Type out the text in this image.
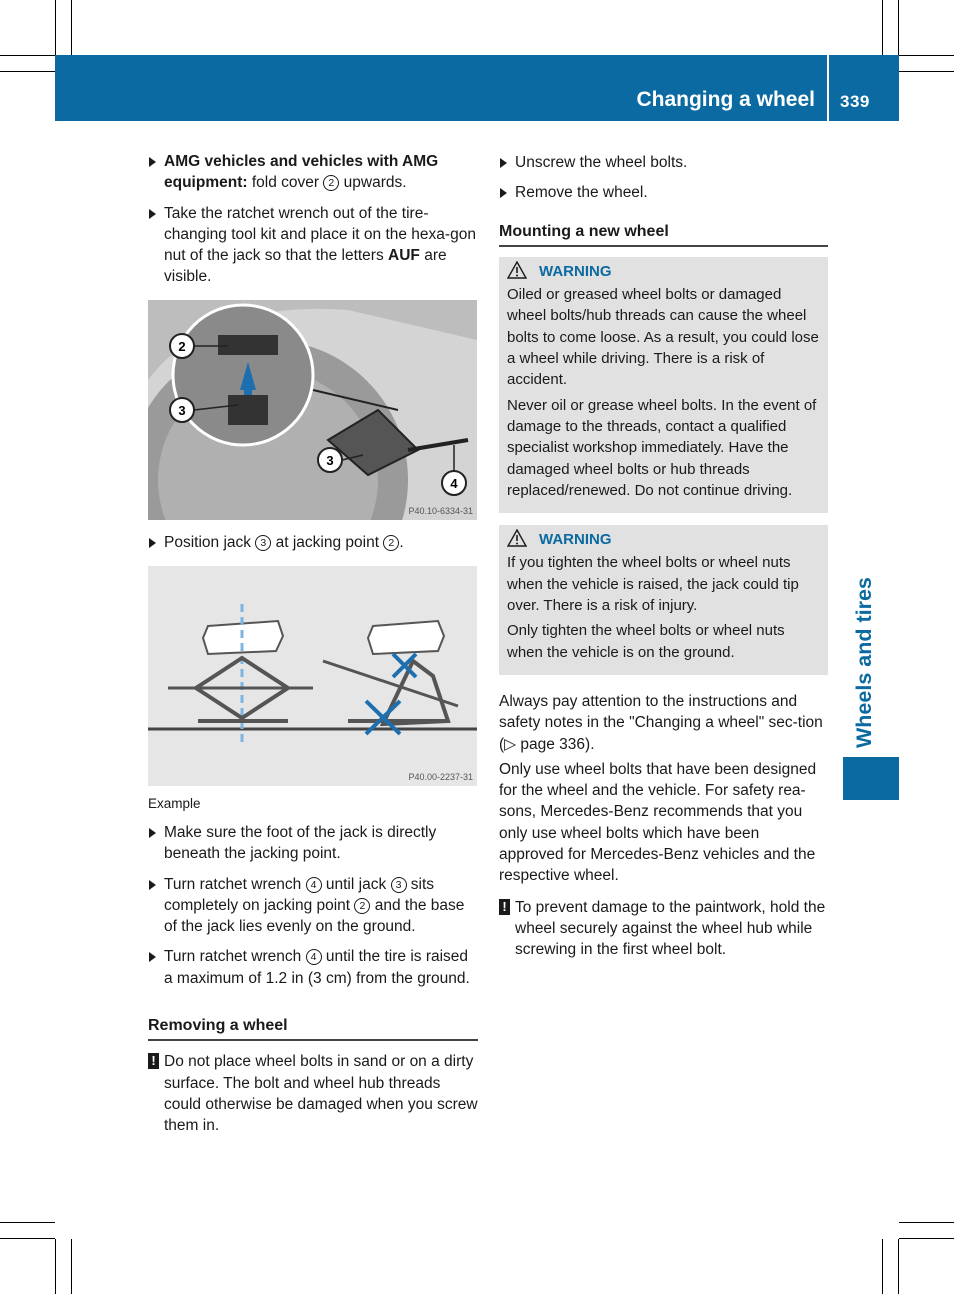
Changing a wheel 339
Wheels and tires
AMG vehicles and vehicles with AMG equipment: fold cover 2 upwards.
Take the ratchet wrench out of the tire-changing tool kit and place it on the hexa-gon nut of the jack so that the letters AUF are visible.
2
3
3
4
P40.10-6334-31
Position jack 3 at jacking point 2 .
P40.00-2237-31
Example
Make sure the foot of the jack is directly beneath the jacking point.
Turn ratchet wrench 4 until jack 3 sits completely on jacking point 2 and the base of the jack lies evenly on the ground.
Turn ratchet wrench 4 until the tire is raised a maximum of 1.2 in (3 cm) from the ground.
Removing a wheel
! Do not place wheel bolts in sand or on a dirty surface. The bolt and wheel hub threads could otherwise be damaged when you screw them in.
Unscrew the wheel bolts.
Remove the wheel.
Mounting a new wheel
WARNING

Oiled or greased wheel bolts or damaged wheel bolts/hub threads can cause the wheel bolts to come loose. As a result, you could lose a wheel while driving. There is a risk of accident.

Never oil or grease wheel bolts. In the event of damage to the threads, contact a qualified specialist workshop immediately. Have the damaged wheel bolts or hub threads replaced/renewed. Do not continue driving.

WARNING

If you tighten the wheel bolts or wheel nuts when the vehicle is raised, the jack could tip over. There is a risk of injury.

Only tighten the wheel bolts or wheel nuts when the vehicle is on the ground.

Always pay attention to the instructions and safety notes in the "Changing a wheel" sec-tion (▷ page 336).

Only use wheel bolts that have been designed for the wheel and the vehicle. For safety rea-sons, Mercedes-Benz recommends that you only use wheel bolts which have been approved for Mercedes-Benz vehicles and the respective wheel.

! To prevent damage to the paintwork, hold the wheel securely against the wheel hub while screwing in the first wheel bolt.
